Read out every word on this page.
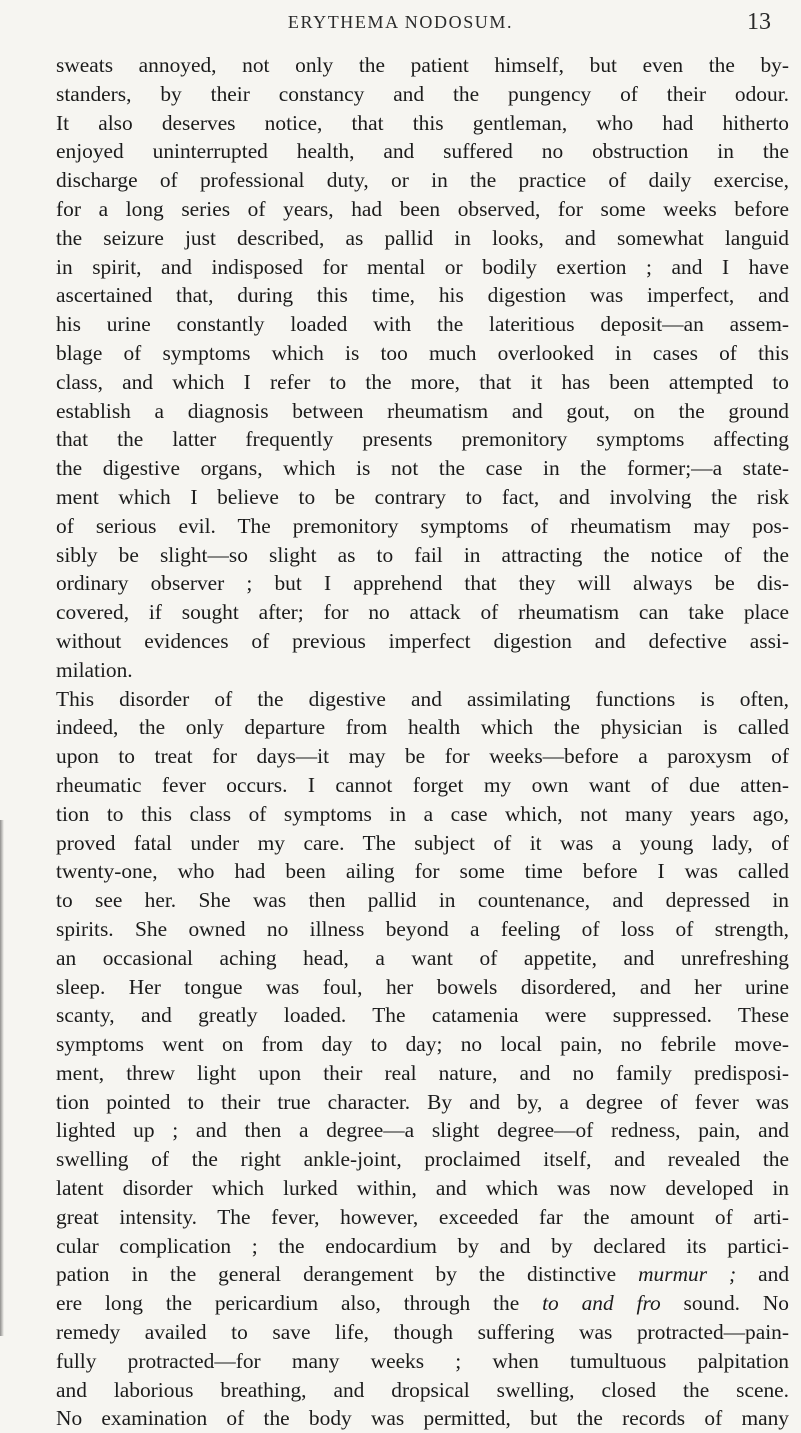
ERYTHEMA NODOSUM.	13
sweats annoyed, not only the patient himself, but even the by-
standers, by their constancy and the pungency of their odour.
It also deserves notice, that this gentleman, who had hitherto
enjoyed uninterrupted health, and suffered no obstruction in the
discharge of professional duty, or in the practice of daily exercise,
for a long series of years, had been observed, for some weeks before
the seizure just described, as pallid in looks, and somewhat languid
in spirit, and indisposed for mental or bodily exertion ; and I have
ascertained that, during this time, his digestion was imperfect, and
his urine constantly loaded with the lateritious deposit—an assem-
blage of symptoms which is too much overlooked in cases of this
class, and which I refer to the more, that it has been attempted to
establish a diagnosis between rheumatism and gout, on the ground
that the latter frequently presents premonitory symptoms affecting
the digestive organs, which is not the case in the former;—a state-
ment which I believe to be contrary to fact, and involving the risk
of serious evil. The premonitory symptoms of rheumatism may pos-
sibly be slight—so slight as to fail in attracting the notice of the
ordinary observer ; but I apprehend that they will always be dis-
covered, if sought after; for no attack of rheumatism can take place
without evidences of previous imperfect digestion and defective assi-
milation.
This disorder of the digestive and assimilating functions is often,
indeed, the only departure from health which the physician is called
upon to treat for days—it may be for weeks—before a paroxysm of
rheumatic fever occurs. I cannot forget my own want of due atten-
tion to this class of symptoms in a case which, not many years ago,
proved fatal under my care. The subject of it was a young lady, of
twenty-one, who had been ailing for some time before I was called
to see her. She was then pallid in countenance, and depressed in
spirits. She owned no illness beyond a feeling of loss of strength,
an occasional aching head, a want of appetite, and unrefreshing
sleep. Her tongue was foul, her bowels disordered, and her urine
scanty, and greatly loaded. The catamenia were suppressed. These
symptoms went on from day to day; no local pain, no febrile move-
ment, threw light upon their real nature, and no family predisposi-
tion pointed to their true character. By and by, a degree of fever was
lighted up ; and then a degree—a slight degree—of redness, pain, and
swelling of the right ankle-joint, proclaimed itself, and revealed the
latent disorder which lurked within, and which was now developed in
great intensity. The fever, however, exceeded far the amount of arti-
cular complication ; the endocardium by and by declared its partici-
pation in the general derangement by the distinctive murmur ; and
ere long the pericardium also, through the to and fro sound. No
remedy availed to save life, though suffering was protracted—pain-
fully protracted—for many weeks ; when tumultuous palpitation
and laborious breathing, and dropsical swelling, closed the scene.
No examination of the body was permitted, but the records of many
